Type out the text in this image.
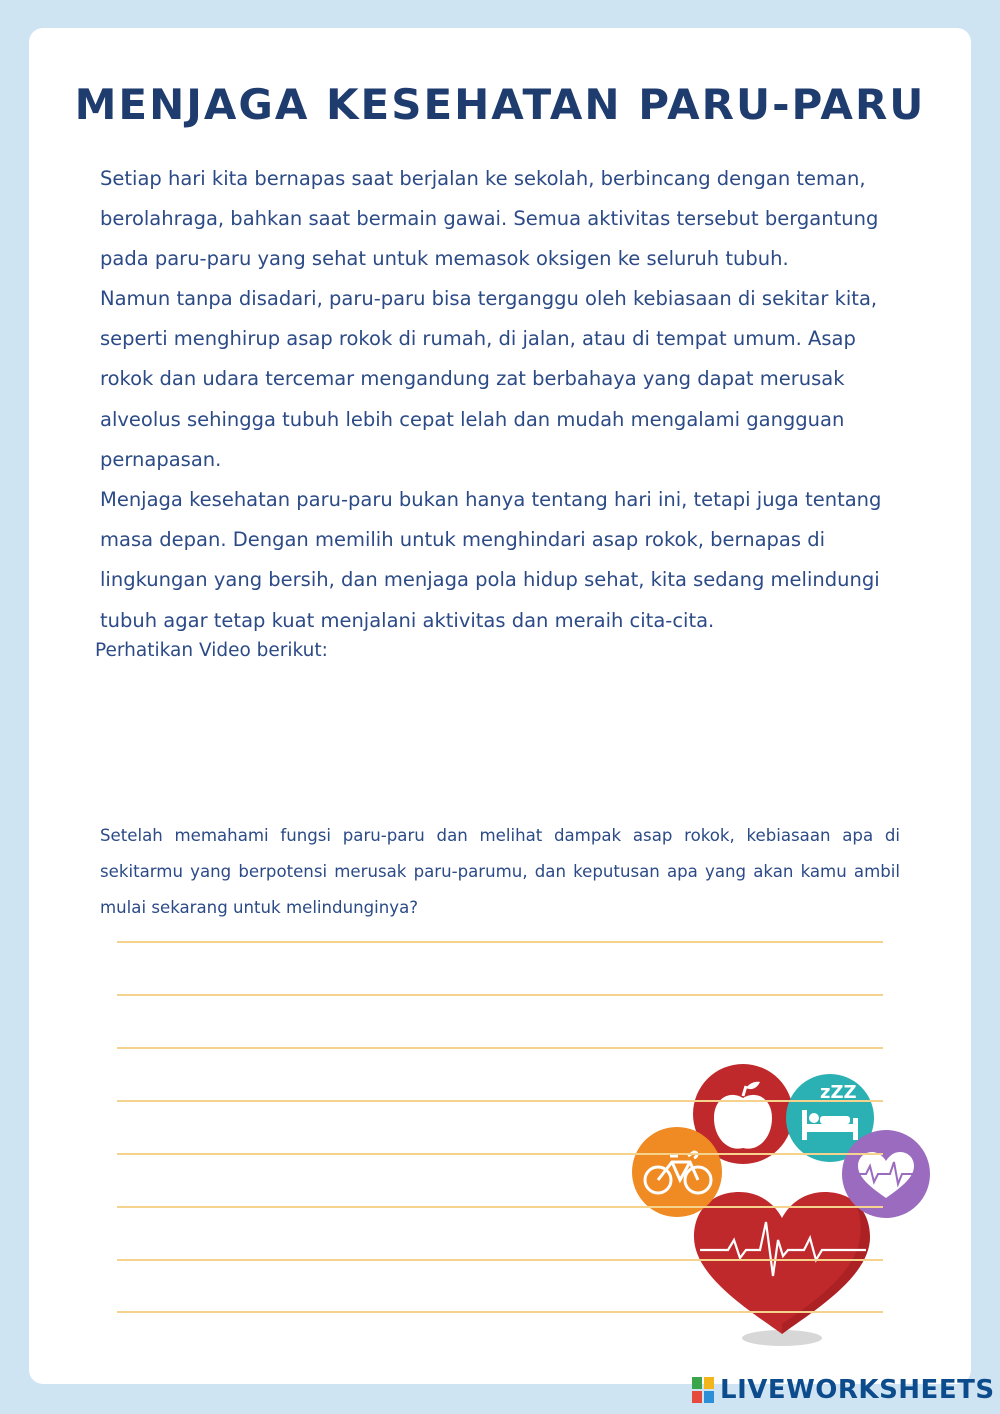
MENJAGA KESEHATAN PARU-PARU

Setiap hari kita bernapas saat berjalan ke sekolah, berbincang dengan teman, berolahraga, bahkan saat bermain gawai. Semua aktivitas tersebut bergantung pada paru-paru yang sehat untuk memasok oksigen ke seluruh tubuh.

Namun tanpa disadari, paru-paru bisa terganggu oleh kebiasaan di sekitar kita, seperti menghirup asap rokok di rumah, di jalan, atau di tempat umum. Asap rokok dan udara tercemar mengandung zat berbahaya yang dapat merusak alveolus sehingga tubuh lebih cepat lelah dan mudah mengalami gangguan pernapasan.

Menjaga kesehatan paru-paru bukan hanya tentang hari ini, tetapi juga tentang masa depan. Dengan memilih untuk menghindari asap rokok, bernapas di lingkungan yang bersih, dan menjaga pola hidup sehat, kita sedang melindungi tubuh agar tetap kuat menjalani aktivitas dan meraih cita-cita.

Perhatikan Video berikut:

Setelah memahami fungsi paru-paru dan melihat dampak asap rokok, kebiasaan apa di sekitarmu yang berpotensi merusak paru-parumu, dan keputusan apa yang akan kamu ambil mulai sekarang untuk melindunginya?

zZZ
LIVEWORKSHEETS
